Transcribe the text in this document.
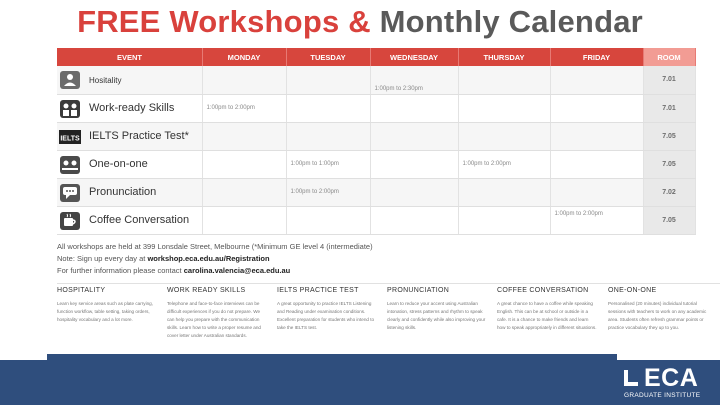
FREE Workshops & Monthly Calendar
EVENT	MONDAY	TUESDAY	WEDNESDAY	THURSDAY	FRIDAY	ROOM

Hositality			1:00pm to 2:30pm			7.01

Work-ready Skills	1:00pm to 2:00pm					7.01

IELTS IELTS Practice Test*						7.05

One-on-one		1:00pm to 1:00pm		1:00pm to 2:00pm		7.05

Pronunciation		1:00pm to 2:00pm				7.02

Coffee Conversation					1:00pm to 2:00pm	7.05
All workshops are held at 399 Lonsdale Street, Melbourne (*Minimum GE level 4 (intermediate)
Note: Sign up every day at workshop.eca.edu.au/Registration
For further information please contact carolina.valencia@eca.edu.au
HOSPITALITY

Learn key service areas such as plate carrying, function workflow, table setting, taking orders, hospitality vocabulary and a lot more.

WORK READY SKILLS

Telephone and face-to-face interviews can be difficult experiences if you do not prepare. We can help you prepare with the communication skills. Learn how to write a proper resume and cover letter under Australian standards.

IELTS PRACTICE TEST

A great opportunity to practice IELTS Listening and Reading under examination conditions. Excellent preparation for students who intend to take the IELTS test.

PRONUNCIATION

Learn to reduce your accent using Australian intonation, stress patterns and rhythm to speak clearly and confidently while also improving your listening skills.

COFFEE CONVERSATION

A great chance to have a coffee while speaking English. This can be at school or outside in a cafe. It is a chance to make friends and learn how to speak appropriately in different situations.

ONE-ON-ONE

Personalised (20 minutes) individual tutorial sessions with teachers to work on any academic area. Students often refresh grammar points or practice vocabulary they up to you.

ECA
GRADUATE INSTITUTE
